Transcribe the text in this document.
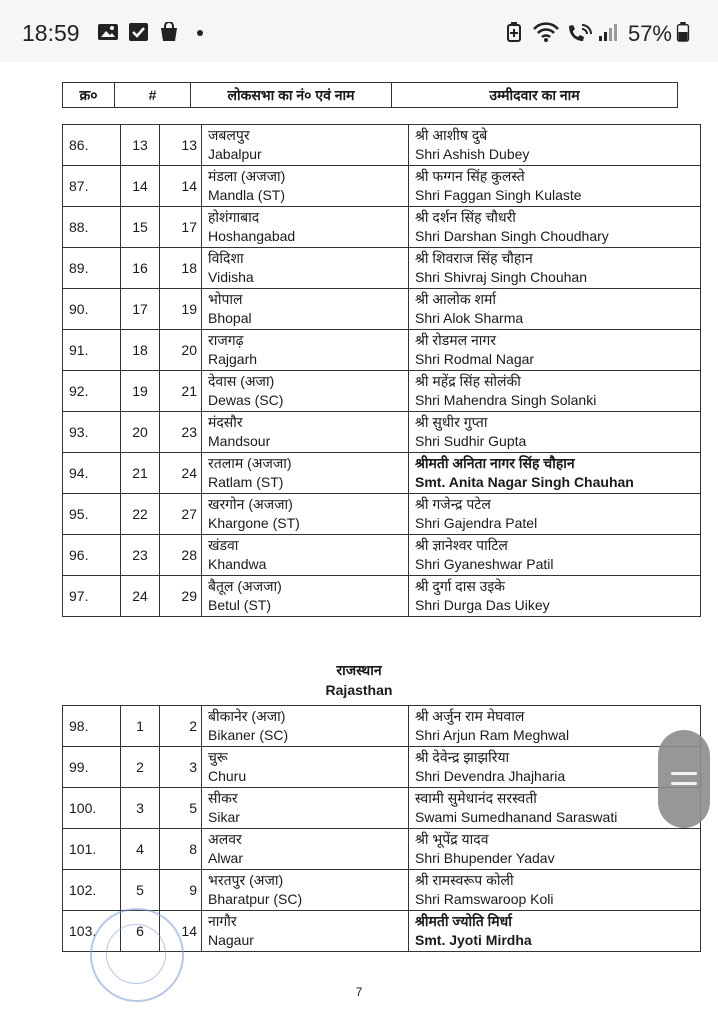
18:59	57%
क्र०	#	लोकसभा का नं० एवं नाम	उम्मीदवार का नाम
86.	13	13	जबलपुर
Jabalpur	श्री आशीष दुबे
Shri Ashish Dubey

87.	14	14	मंडला (अजजा)
Mandla (ST)	श्री फग्गन सिंह कुलस्ते
Shri Faggan Singh Kulaste

88.	15	17	होशंगाबाद
Hoshangabad	श्री दर्शन सिंह चौधरी
Shri Darshan Singh Choudhary

89.	16	18	विदिशा
Vidisha	श्री शिवराज सिंह चौहान
Shri Shivraj Singh Chouhan

90.	17	19	भोपाल
Bhopal	श्री आलोक शर्मा
Shri Alok Sharma

91.	18	20	राजगढ़
Rajgarh	श्री रोडमल नागर
Shri Rodmal Nagar

92.	19	21	देवास (अजा)
Dewas (SC)	श्री महेंद्र सिंह सोलंकी
Shri Mahendra Singh Solanki

93.	20	23	मंदसौर
Mandsour	श्री सुधीर गुप्ता
Shri Sudhir Gupta

94.	21	24	रतलाम (अजजा)
Ratlam (ST)	श्रीमती अनिता नागर सिंह चौहान
Smt. Anita Nagar Singh Chauhan

95.	22	27	खरगोन (अजजा)
Khargone (ST)	श्री गजेन्द्र पटेल
Shri Gajendra Patel

96.	23	28	खंडवा
Khandwa	श्री ज्ञानेश्वर पाटिल
Shri Gyaneshwar Patil

97.	24	29	बैतूल (अजजा)
Betul (ST)	श्री दुर्गा दास उइके
Shri Durga Das Uikey
राजस्थान
Rajasthan
98.	1	2	बीकानेर (अजा)
Bikaner (SC)	श्री अर्जुन राम मेघवाल
Shri Arjun Ram Meghwal

99.	2	3	चुरू
Churu	श्री देवेन्द्र झाझरिया
Shri Devendra Jhajharia

100.	3	5	सीकर
Sikar	स्वामी सुमेधानंद सरस्वती
Swami Sumedhanand Saraswati

101.	4	8	अलवर
Alwar	श्री भूपेंद्र यादव
Shri Bhupender Yadav

102.	5	9	भरतपुर (अजा)
Bharatpur (SC)	श्री रामस्वरूप कोली
Shri Ramswaroop Koli

103.	6	14	नागौर
Nagaur	श्रीमती ज्योति मिर्धा
Smt. Jyoti Mirdha
7
